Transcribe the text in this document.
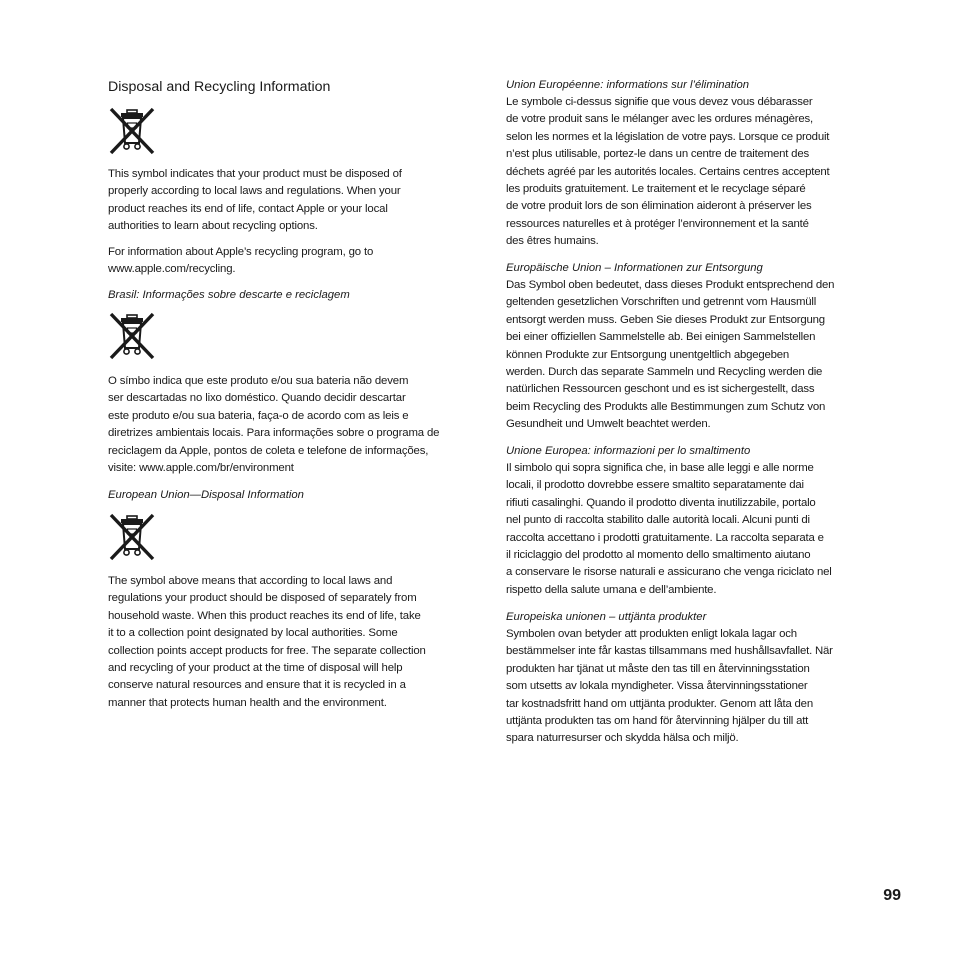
Disposal and Recycling Information

This symbol indicates that your product must be disposed of
properly according to local laws and regulations. When your
product reaches its end of life, contact Apple or your local
authorities to learn about recycling options.

For information about Apple’s recycling program, go to
www.apple.com/recycling.

Brasil: Informações sobre descarte e reciclagem

O símbo indica que este produto e/ou sua bateria não devem
ser descartadas no lixo doméstico. Quando decidir descartar
este produto e/ou sua bateria, faça-o de acordo com as leis e
diretrizes ambientais locais. Para informações sobre o programa de
reciclagem da Apple, pontos de coleta e telefone de informações,
visite: www.apple.com/br/environment

European Union—Disposal Information

The symbol above means that according to local laws and
regulations your product should be disposed of separately from
household waste. When this product reaches its end of life, take
it to a collection point designated by local authorities. Some
collection points accept products for free. The separate collection
and recycling of your product at the time of disposal will help
conserve natural resources and ensure that it is recycled in a
manner that protects human health and the environment.

Union Européenne: informations sur l’élimination

Le symbole ci-dessus signifie que vous devez vous débarasser
de votre produit sans le mélanger avec les ordures ménagères,
selon les normes et la législation de votre pays. Lorsque ce produit
n’est plus utilisable, portez-le dans un centre de traitement des
déchets agréé par les autorités locales. Certains centres acceptent
les produits gratuitement. Le traitement et le recyclage séparé
de votre produit lors de son élimination aideront à préserver les
ressources naturelles et à protéger l’environnement et la santé
des êtres humains.

Europäische Union – Informationen zur Entsorgung

Das Symbol oben bedeutet, dass dieses Produkt entsprechend den
geltenden gesetzlichen Vorschriften und getrennt vom Hausmüll
entsorgt werden muss. Geben Sie dieses Produkt zur Entsorgung
bei einer offiziellen Sammelstelle ab. Bei einigen Sammelstellen
können Produkte zur Entsorgung unentgeltlich abgegeben
werden. Durch das separate Sammeln und Recycling werden die
natürlichen Ressourcen geschont und es ist sichergestellt, dass
beim Recycling des Produkts alle Bestimmungen zum Schutz von
Gesundheit und Umwelt beachtet werden.

Unione Europea: informazioni per lo smaltimento

Il simbolo qui sopra significa che, in base alle leggi e alle norme
locali, il prodotto dovrebbe essere smaltito separatamente dai
rifiuti casalinghi. Quando il prodotto diventa inutilizzabile, portalo
nel punto di raccolta stabilito dalle autorità locali. Alcuni punti di
raccolta accettano i prodotti gratuitamente. La raccolta separata e
il riciclaggio del prodotto al momento dello smaltimento aiutano
a conservare le risorse naturali e assicurano che venga riciclato nel
rispetto della salute umana e dell’ambiente.

Europeiska unionen – uttjänta produkter

Symbolen ovan betyder att produkten enligt lokala lagar och
bestämmelser inte får kastas tillsammans med hushållsavfallet. När
produkten har tjänat ut måste den tas till en återvinningsstation
som utsetts av lokala myndigheter. Vissa återvinningsstationer
tar kostnadsfritt hand om uttjänta produkter. Genom att låta den
uttjänta produkten tas om hand för återvinning hjälper du till att
spara naturresurser och skydda hälsa och miljö.

99
